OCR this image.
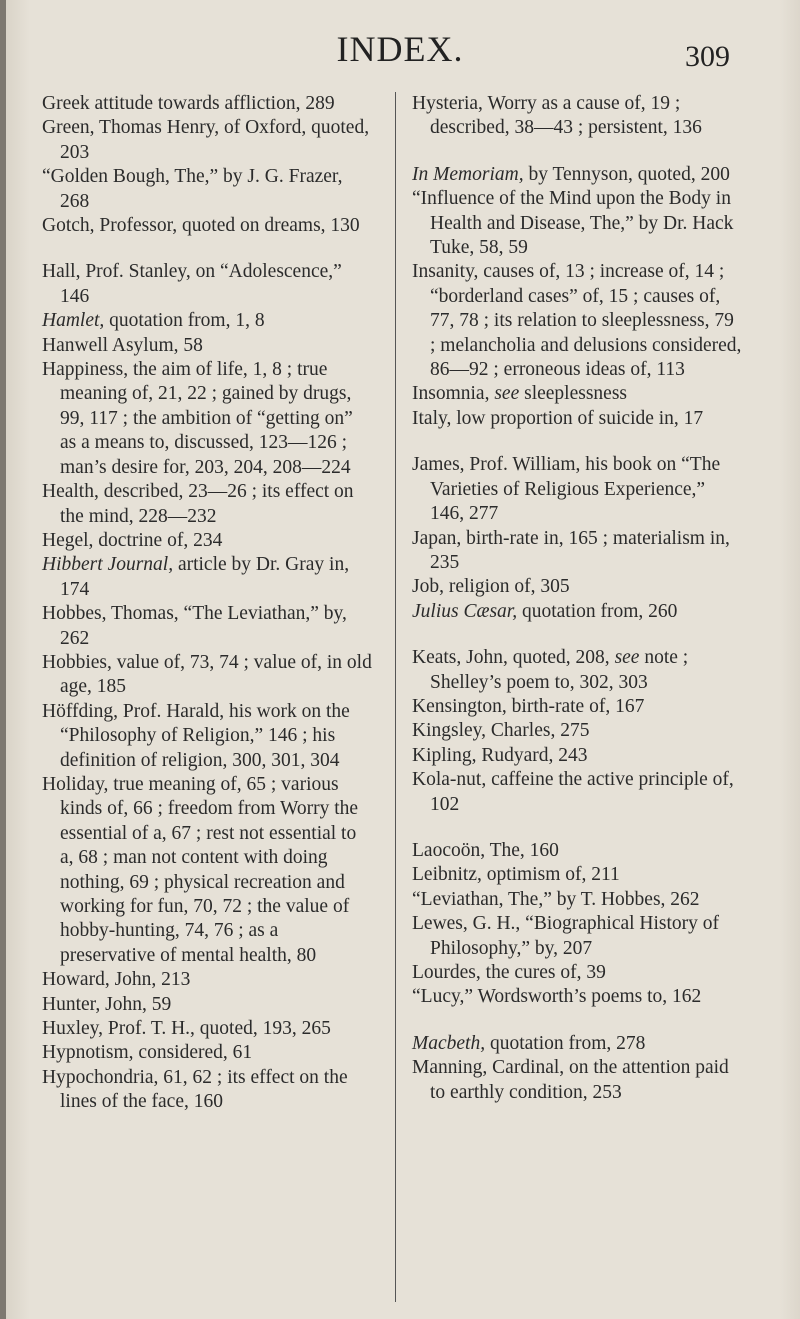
INDEX.	309
Greek attitude towards affliction, 289
Green, Thomas Henry, of Oxford, quoted, 203
“Golden Bough, The,” by J. G. Frazer, 268
Gotch, Professor, quoted on dreams, 130
Hall, Prof. Stanley, on “Adolescence,” 146
Hamlet, quotation from, 1, 8
Hanwell Asylum, 58
Happiness, the aim of life, 1, 8 ; true meaning of, 21, 22 ; gained by drugs, 99, 117 ; the ambition of “getting on” as a means to, discussed, 123—126 ; man’s desire for, 203, 204, 208—224
Health, described, 23—26 ; its effect on the mind, 228—232
Hegel, doctrine of, 234
Hibbert Journal, article by Dr. Gray in, 174
Hobbes, Thomas, “The Leviathan,” by, 262
Hobbies, value of, 73, 74 ; value of, in old age, 185
Höffding, Prof. Harald, his work on the “Philosophy of Religion,” 146 ; his definition of religion, 300, 301, 304
Holiday, true meaning of, 65 ; various kinds of, 66 ; freedom from Worry the essential of a, 67 ; rest not essential to a, 68 ; man not content with doing nothing, 69 ; physical recreation and working for fun, 70, 72 ; the value of hobby-hunting, 74, 76 ; as a preservative of mental health, 80
Howard, John, 213
Hunter, John, 59
Huxley, Prof. T. H., quoted, 193, 265
Hypnotism, considered, 61
Hypochondria, 61, 62 ; its effect on the lines of the face, 160
Hysteria, Worry as a cause of, 19 ; described, 38—43 ; persistent, 136
In Memoriam, by Tennyson, quoted, 200
“Influence of the Mind upon the Body in Health and Disease, The,” by Dr. Hack Tuke, 58, 59
Insanity, causes of, 13 ; increase of, 14 ; “borderland cases” of, 15 ; causes of, 77, 78 ; its relation to sleeplessness, 79 ; melancholia and delusions considered, 86—92 ; erroneous ideas of, 113
Insomnia, see sleeplessness
Italy, low proportion of suicide in, 17
James, Prof. William, his book on “The Varieties of Religious Experience,” 146, 277
Japan, birth-rate in, 165 ; materialism in, 235
Job, religion of, 305
Julius Cæsar, quotation from, 260
Keats, John, quoted, 208, see note ; Shelley’s poem to, 302, 303
Kensington, birth-rate of, 167
Kingsley, Charles, 275
Kipling, Rudyard, 243
Kola-nut, caffeine the active principle of, 102
Laocoön, The, 160
Leibnitz, optimism of, 211
“Leviathan, The,” by T. Hobbes, 262
Lewes, G. H., “Biographical History of Philosophy,” by, 207
Lourdes, the cures of, 39
“Lucy,” Wordsworth’s poems to, 162
Macbeth, quotation from, 278
Manning, Cardinal, on the attention paid to earthly condition, 253
